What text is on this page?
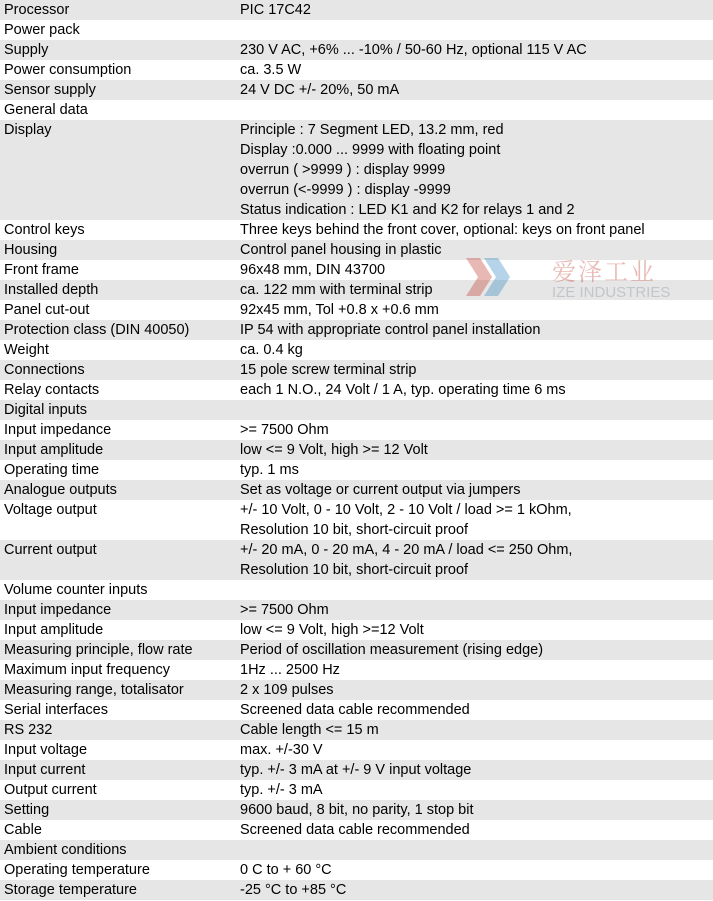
Processor	PIC 17C42

Power pack	

Supply	230 V AC, +6% ... -10% / 50-60 Hz, optional 115 V AC

Power consumption	ca. 3.5 W

Sensor supply	24 V DC +/- 20%, 50 mA

General data	

Display	Principle : 7 Segment LED, 13.2 mm, red
Display :0.000 ... 9999 with floating point
overrun ( >9999 ) : display 9999
overrun (<-9999 ) : display -9999
Status indication : LED K1 and K2 for relays 1 and 2

Control keys	Three keys behind the front cover, optional: keys on front panel

Housing	Control panel housing in plastic

Front frame	96x48 mm, DIN 43700

Installed depth	ca. 122 mm with terminal strip

Panel cut-out	92x45 mm, Tol +0.8 x +0.6 mm

Protection class (DIN 40050)	IP 54 with appropriate control panel installation

Weight	ca. 0.4 kg

Connections	15 pole screw terminal strip

Relay contacts	each 1 N.O., 24 Volt / 1 A, typ. operating time 6 ms

Digital inputs	

Input impedance	>= 7500 Ohm

Input amplitude	low <= 9 Volt, high >= 12 Volt

Operating time	typ. 1 ms

Analogue outputs	Set as voltage or current output via jumpers

Voltage output	+/- 10 Volt, 0 - 10 Volt, 2 - 10 Volt / load >= 1 kOhm,
Resolution 10 bit, short-circuit proof

Current output	+/- 20 mA, 0 - 20 mA, 4 - 20 mA / load <= 250 Ohm,
Resolution 10 bit, short-circuit proof

Volume counter inputs	

Input impedance	>= 7500 Ohm

Input amplitude	low <= 9 Volt, high >=12 Volt

Measuring principle, flow rate	Period of oscillation measurement (rising edge)

Maximum input frequency	1Hz ... 2500 Hz

Measuring range, totalisator	2 x 109 pulses

Serial interfaces	Screened data cable recommended

RS 232	Cable length <= 15 m

Input voltage	max. +/-30 V

Input current	typ. +/- 3 mA at +/- 9 V input voltage

Output current	typ. +/- 3 mA

Setting	9600 baud, 8 bit, no parity, 1 stop bit

Cable	Screened data cable recommended

Ambient conditions	

Operating temperature	0 C to + 60 °C

Storage temperature	-25 °C to +85 °C
爱泽工业
IZE INDUSTRIES
